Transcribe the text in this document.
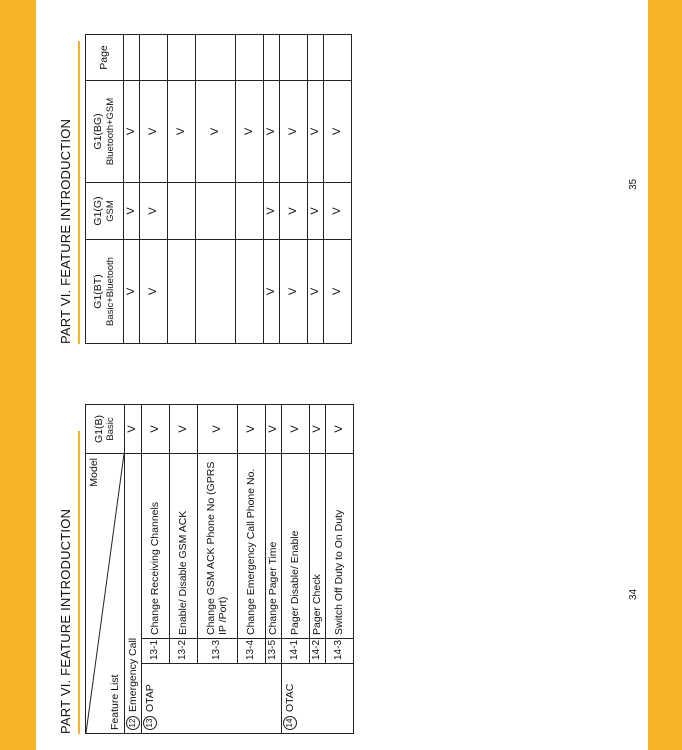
PART VI. FEATURE INTRODUCTION
Model
Feature List			G1(B)
Basic
12Emergency Call			V
13OTAP	13-1	Change Receiving Channels	V
	13-2	Enable/ Disable GSM ACK	V
	13-3	Change GSM ACK Phone No (GPRS IP /Port)	V
	13-4	Change Emergency Call Phone No.	V
	13-5	Change Pager Time	V
14OTAC	14-1	Pager Disable/ Enable	V
	14-2	Pager Check	V
	14-3	Switch Off Duty to On Duty	V
34
PART VI. FEATURE INTRODUCTION G1(BT)
Basic+Bluetooth	G1(G)
GSM	G1(BG)
Bluetooth+GSM	Page
V	V	V	
V	V	V	
		V	
		V	
		V	
V	V	V	
V	V	V	
V	V	V	
V	V	V	
35
